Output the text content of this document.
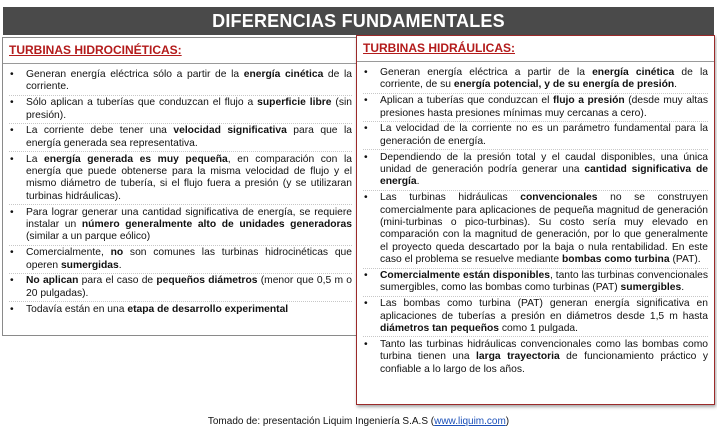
DIFERENCIAS FUNDAMENTALES
TURBINAS HIDROCINÉTICAS:
• Generan energía eléctrica sólo a partir de la energía cinética de la corriente.
• Sólo aplican a tuberías que conduzcan el flujo a superficie libre (sin presión).
• La corriente debe tener una velocidad significativa para que la energía generada sea representativa.
• La energía generada es muy pequeña, en comparación con la energía que puede obtenerse para la misma velocidad de flujo y el mismo diámetro de tubería, si el flujo fuera a presión (y se utilizaran turbinas hidráulicas).
• Para lograr generar una cantidad significativa de energía, se requiere instalar un número generalmente alto de unidades generadoras (similar a un parque eólico)
• Comercialmente, no son comunes las turbinas hidrocinéticas que operen sumergidas.
• No aplican para el caso de pequeños diámetros (menor que 0,5 m o 20 pulgadas).
• Todavía están en una etapa de desarrollo experimental
TURBINAS HIDRÁULICAS:
• Generan energía eléctrica a partir de la energía cinética de la corriente, de su energía potencial, y de su energía de presión.
• Aplican a tuberías que conduzcan el flujo a presión (desde muy altas presiones hasta presiones mínimas muy cercanas a cero).
• La velocidad de la corriente no es un parámetro fundamental para la generación de energía.
• Dependiendo de la presión total y el caudal disponibles, una única unidad de generación podría generar una cantidad significativa de energía.
• Las turbinas hidráulicas convencionales no se construyen comercialmente para aplicaciones de pequeña magnitud de generación (mini-turbinas o pico-turbinas). Su costo sería muy elevado en comparación con la magnitud de generación, por lo que generalmente el proyecto queda descartado por la baja o nula rentabilidad. En este caso el problema se resuelve mediante bombas como turbina (PAT).
• Comercialmente están disponibles, tanto las turbinas convencionales sumergibles, como las bombas como turbinas (PAT) sumergibles.
• Las bombas como turbina (PAT) generan energía significativa en aplicaciones de tuberías a presión en diámetros desde 1,5 m hasta diámetros tan pequeños como 1 pulgada.
• Tanto las turbinas hidráulicas convencionales como las bombas como turbina tienen una larga trayectoria de funcionamiento práctico y confiable a lo largo de los años.
Tomado de: presentación Liquim Ingeniería S.A.S (www.liquim.com)
